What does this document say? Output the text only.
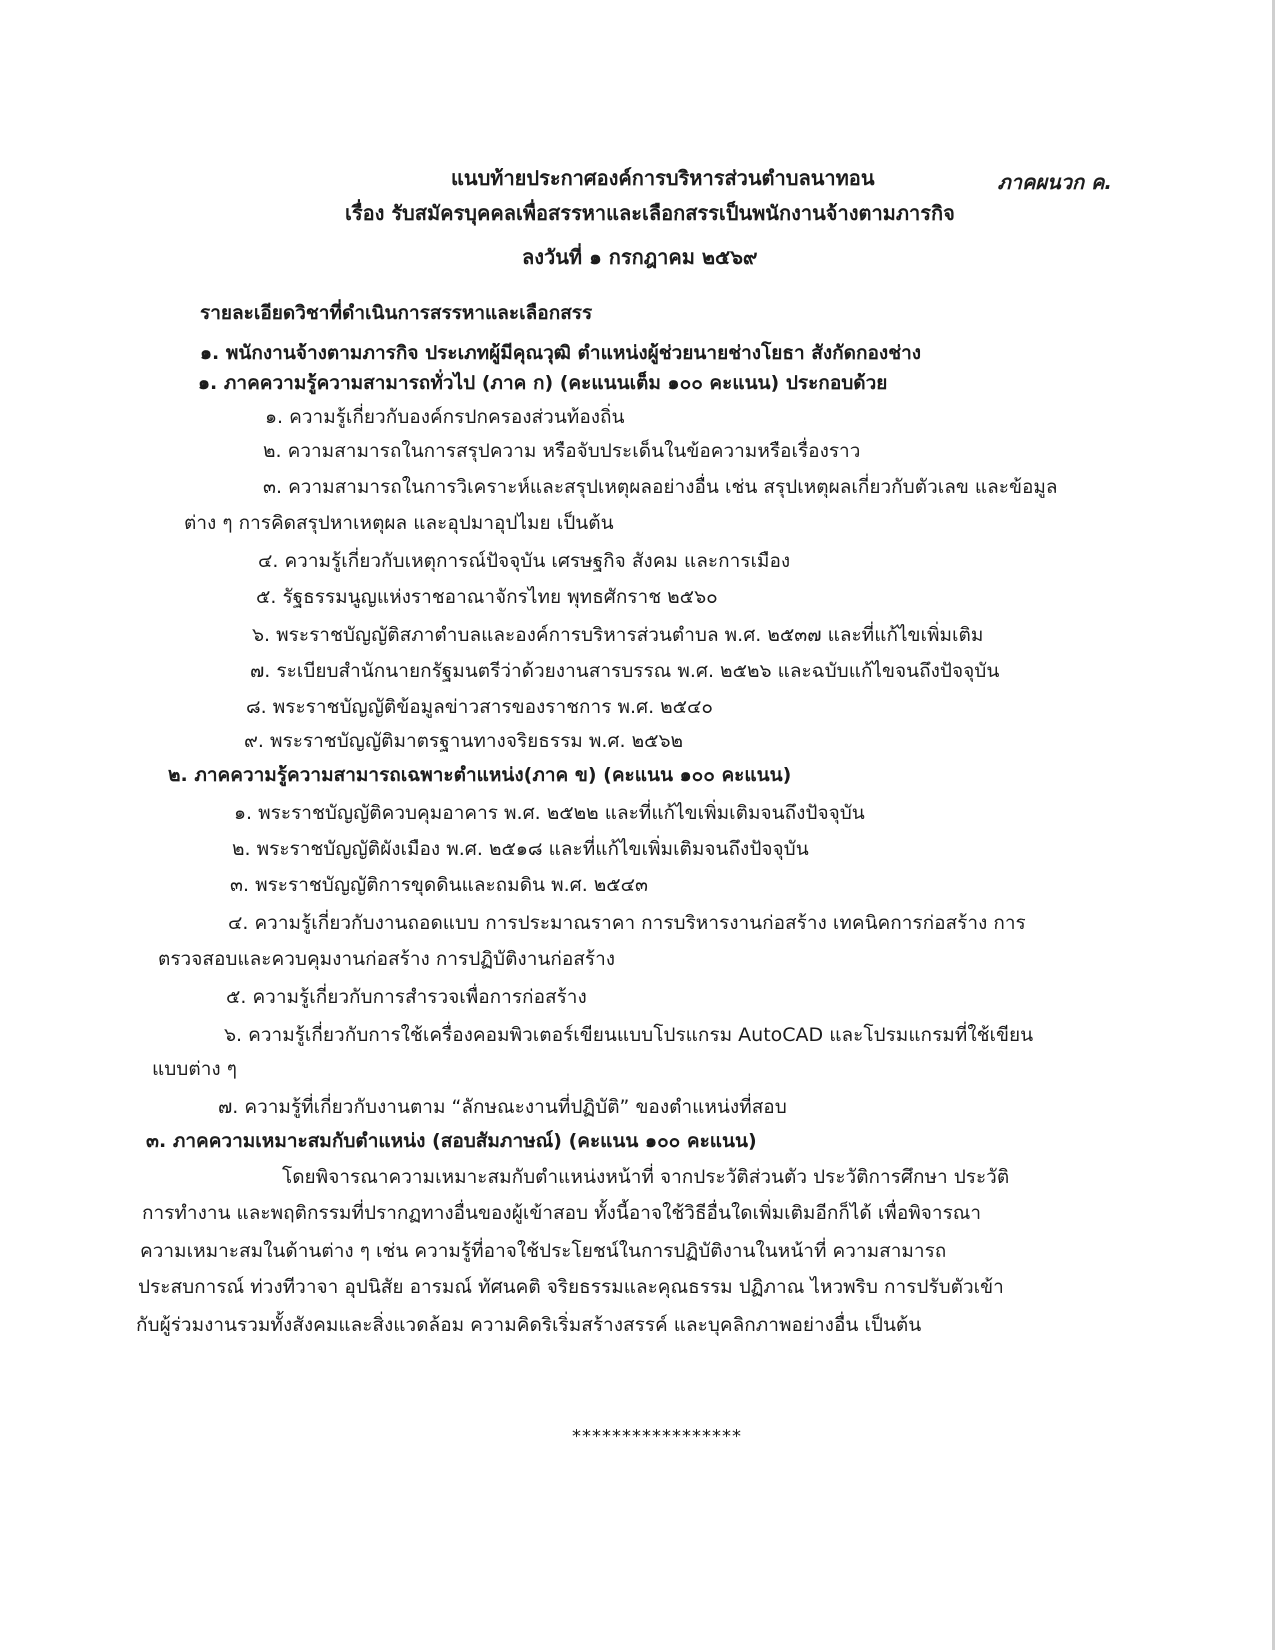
ภาคผนวก ค.
แนบท้ายประกาศองค์การบริหารส่วนตำบลนาทอน
เรื่อง รับสมัครบุคคลเพื่อสรรหาและเลือกสรรเป็นพนักงานจ้างตามภารกิจ
ลงวันที่ ๑ กรกฎาคม ๒๕๖๙
รายละเอียดวิชาที่ดำเนินการสรรหาและเลือกสรร
๑. พนักงานจ้างตามภารกิจ ประเภทผู้มีคุณวุฒิ ตำแหน่งผู้ช่วยนายช่างโยธา สังกัดกองช่าง
๑. ภาคความรู้ความสามารถทั่วไป (ภาค ก) (คะแนนเต็ม ๑๐๐ คะแนน) ประกอบด้วย
๑. ความรู้เกี่ยวกับองค์กรปกครองส่วนท้องถิ่น
๒. ความสามารถในการสรุปความ หรือจับประเด็นในข้อความหรือเรื่องราว
๓. ความสามารถในการวิเคราะห์และสรุปเหตุผลอย่างอื่น เช่น สรุปเหตุผลเกี่ยวกับตัวเลข และข้อมูล
ต่าง ๆ การคิดสรุปหาเหตุผล และอุปมาอุปไมย เป็นต้น
๔. ความรู้เกี่ยวกับเหตุการณ์ปัจจุบัน เศรษฐกิจ สังคม และการเมือง
๕. รัฐธรรมนูญแห่งราชอาณาจักรไทย พุทธศักราช ๒๕๖๐
๖. พระราชบัญญัติสภาตำบลและองค์การบริหารส่วนตำบล พ.ศ. ๒๕๓๗ และที่แก้ไขเพิ่มเติม
๗. ระเบียบสำนักนายกรัฐมนตรีว่าด้วยงานสารบรรณ พ.ศ. ๒๕๒๖ และฉบับแก้ไขจนถึงปัจจุบัน
๘. พระราชบัญญัติข้อมูลข่าวสารของราชการ พ.ศ. ๒๕๔๐
๙. พระราชบัญญัติมาตรฐานทางจริยธรรม พ.ศ. ๒๕๖๒
๒. ภาคความรู้ความสามารถเฉพาะตำแหน่ง(ภาค ข) (คะแนน ๑๐๐ คะแนน)
๑. พระราชบัญญัติควบคุมอาคาร พ.ศ. ๒๕๒๒ และที่แก้ไขเพิ่มเติมจนถึงปัจจุบัน
๒. พระราชบัญญัติผังเมือง พ.ศ. ๒๕๑๘ และที่แก้ไขเพิ่มเติมจนถึงปัจจุบัน
๓. พระราชบัญญัติการขุดดินและถมดิน พ.ศ. ๒๕๔๓
๔. ความรู้เกี่ยวกับงานถอดแบบ การประมาณราคา การบริหารงานก่อสร้าง เทคนิคการก่อสร้าง การ
ตรวจสอบและควบคุมงานก่อสร้าง การปฏิบัติงานก่อสร้าง
๕. ความรู้เกี่ยวกับการสำรวจเพื่อการก่อสร้าง
๖. ความรู้เกี่ยวกับการใช้เครื่องคอมพิวเตอร์เขียนแบบโปรแกรม AutoCAD และโปรมแกรมที่ใช้เขียน
แบบต่าง ๆ
๗. ความรู้ที่เกี่ยวกับงานตาม “ลักษณะงานที่ปฏิบัติ” ของตำแหน่งที่สอบ
๓. ภาคความเหมาะสมกับตำแหน่ง (สอบสัมภาษณ์) (คะแนน ๑๐๐ คะแนน)
โดยพิจารณาความเหมาะสมกับตำแหน่งหน้าที่ จากประวัติส่วนตัว ประวัติการศึกษา ประวัติ
การทำงาน และพฤติกรรมที่ปรากฏทางอื่นของผู้เข้าสอบ ทั้งนี้อาจใช้วิธีอื่นใดเพิ่มเติมอีกก็ได้ เพื่อพิจารณา
ความเหมาะสมในด้านต่าง ๆ เช่น ความรู้ที่อาจใช้ประโยชน์ในการปฏิบัติงานในหน้าที่ ความสามารถ
ประสบการณ์ ท่วงทีวาจา อุปนิสัย อารมณ์ ทัศนคติ จริยธรรมและคุณธรรม ปฏิภาณ ไหวพริบ การปรับตัวเข้า
กับผู้ร่วมงานรวมทั้งสังคมและสิ่งแวดล้อม ความคิดริเริ่มสร้างสรรค์ และบุคลิกภาพอย่างอื่น เป็นต้น
*****************
